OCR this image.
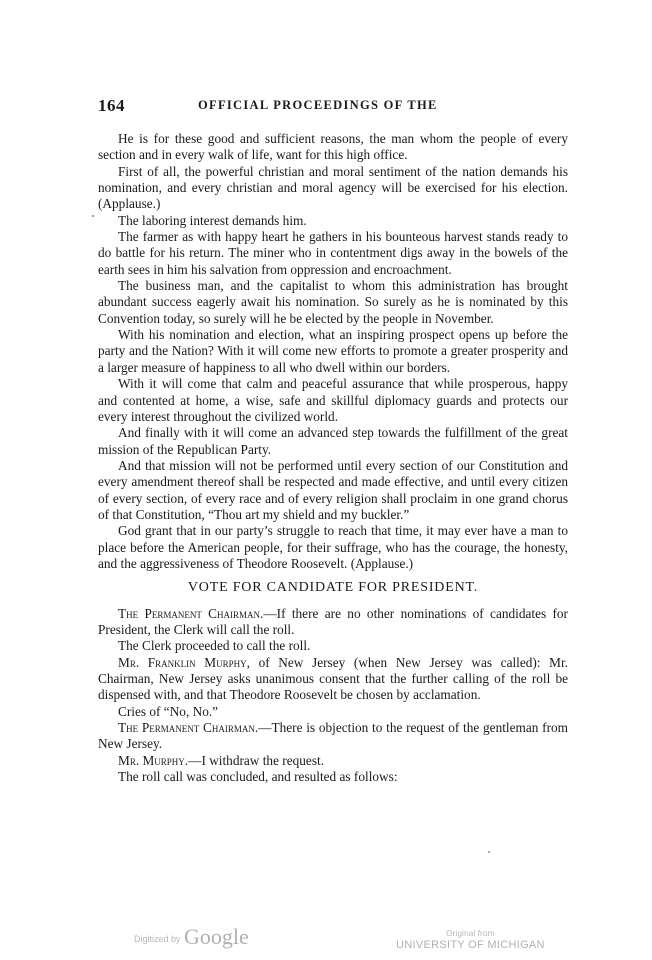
164	OFFICIAL PROCEEDINGS OF THE

He is for these good and sufficient reasons, the man whom the people of every section and in every walk of life, want for this high office.

First of all, the powerful christian and moral sentiment of the nation demands his nomination, and every christian and moral agency will be exercised for his election. (Applause.)

The laboring interest demands him.

The farmer as with happy heart he gathers in his bounteous harvest stands ready to do battle for his return. The miner who in contentment digs away in the bowels of the earth sees in him his salvation from oppression and encroachment.

The business man, and the capitalist to whom this administration has brought abundant success eagerly await his nomination. So surely as he is nominated by this Convention today, so surely will he be elected by the people in November.

With his nomination and election, what an inspiring prospect opens up before the party and the Nation? With it will come new efforts to promote a greater prosperity and a larger measure of happiness to all who dwell within our borders.

With it will come that calm and peaceful assurance that while prosperous, happy and contented at home, a wise, safe and skillful diplomacy guards and protects our every interest throughout the civilized world.

And finally with it will come an advanced step towards the fulfillment of the great mission of the Republican Party.

And that mission will not be performed until every section of our Constitution and every amendment thereof shall be respected and made effective, and until every citizen of every section, of every race and of every religion shall proclaim in one grand chorus of that Constitution, “Thou art my shield and my buckler.”

God grant that in our party’s struggle to reach that time, it may ever have a man to place before the American people, for their suffrage, who has the courage, the honesty, and the aggressiveness of Theodore Roosevelt. (Applause.)

VOTE FOR CANDIDATE FOR PRESIDENT.

The Permanent Chairman.—If there are no other nominations of candidates for President, the Clerk will call the roll.

The Clerk proceeded to call the roll.

Mr. Franklin Murphy, of New Jersey (when New Jersey was called): Mr. Chairman, New Jersey asks unanimous consent that the further calling of the roll be dispensed with, and that Theodore Roosevelt be chosen by acclamation.

Cries of “No, No.”

The Permanent Chairman.—There is objection to the request of the gentleman from New Jersey.

Mr. Murphy.—I withdraw the request.

The roll call was concluded, and resulted as follows:

Digitized by Google	Original from
UNIVERSITY OF MICHIGAN
